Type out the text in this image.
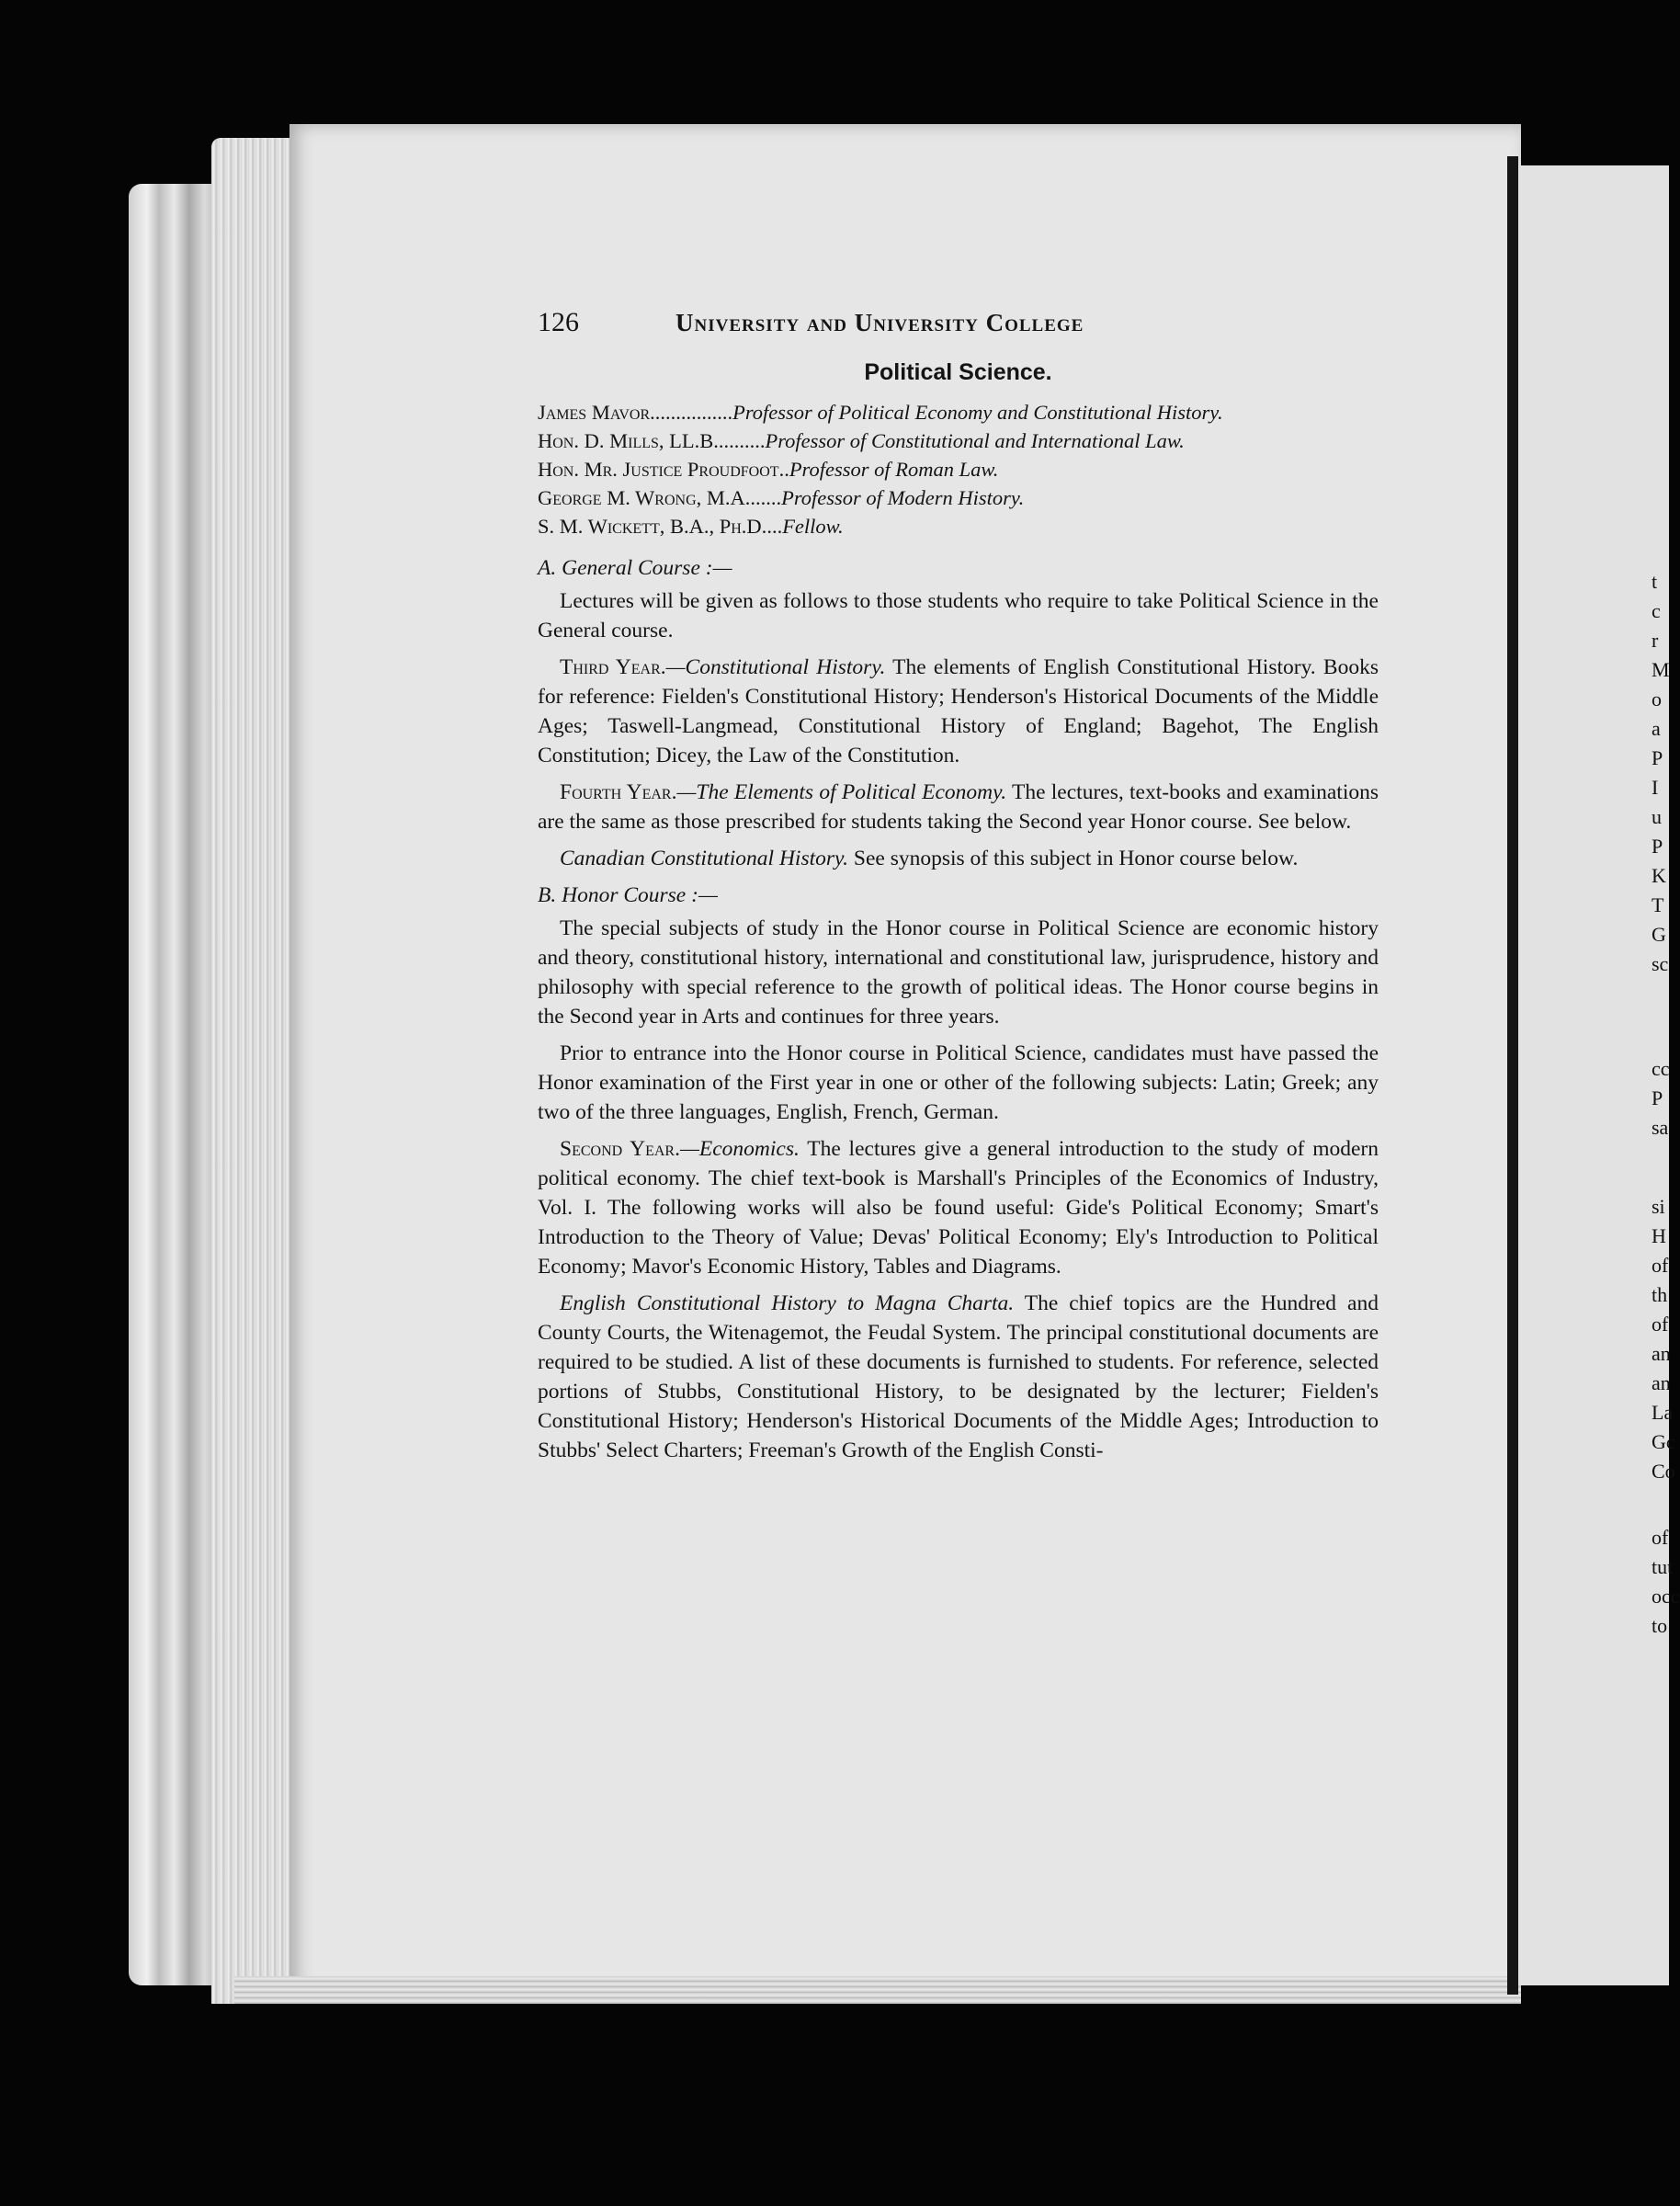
t
c
r
M
o
a
P
I
u
P
K
T
G
sc
cc
P
sa
si
H
of
th
of
an
an
La
Gc
Co
of
tut
occ
to
126	University and University College
Political Science.
James Mavor ................ Professor of Political Economy and Constitutional History.
Hon. D. Mills, LL.B .......... Professor of Constitutional and International Law.
Hon. Mr. Justice Proudfoot .. Professor of Roman Law.
George M. Wrong, M.A. ...... Professor of Modern History.
S. M. Wickett, B.A., Ph.D. ... Fellow.
A. General Course :—

Lectures will be given as follows to those students who require to take Political Science in the General course.

Third Year.—Constitutional History. The elements of English Constitutional History. Books for reference: Fielden's Constitutional History; Henderson's Historical Documents of the Middle Ages; Taswell-Langmead, Constitutional History of England; Bagehot, The English Constitution; Dicey, the Law of the Constitution.

Fourth Year.—The Elements of Political Economy. The lectures, text-books and examinations are the same as those prescribed for students taking the Second year Honor course. See below.

Canadian Constitutional History. See synopsis of this subject in Honor course below.

B. Honor Course :—

The special subjects of study in the Honor course in Political Science are economic history and theory, constitutional history, international and constitutional law, jurisprudence, history and philosophy with special reference to the growth of political ideas. The Honor course begins in the Second year in Arts and continues for three years.

Prior to entrance into the Honor course in Political Science, candidates must have passed the Honor examination of the First year in one or other of the following subjects: Latin; Greek; any two of the three languages, English, French, German.

Second Year.—Economics. The lectures give a general introduction to the study of modern political economy. The chief text-book is Marshall's Principles of the Economics of Industry, Vol. I. The following works will also be found useful: Gide's Political Economy; Smart's Introduction to the Theory of Value; Devas' Political Economy; Ely's Introduction to Political Economy; Mavor's Economic History, Tables and Diagrams.

English Constitutional History to Magna Charta. The chief topics are the Hundred and County Courts, the Witenagemot, the Feudal System. The principal constitutional documents are required to be studied. A list of these documents is furnished to students. For reference, selected portions of Stubbs, Constitutional History, to be designated by the lecturer; Fielden's Constitutional History; Henderson's Historical Documents of the Middle Ages; Introduction to Stubbs' Select Charters; Freeman's Growth of the English Consti-
